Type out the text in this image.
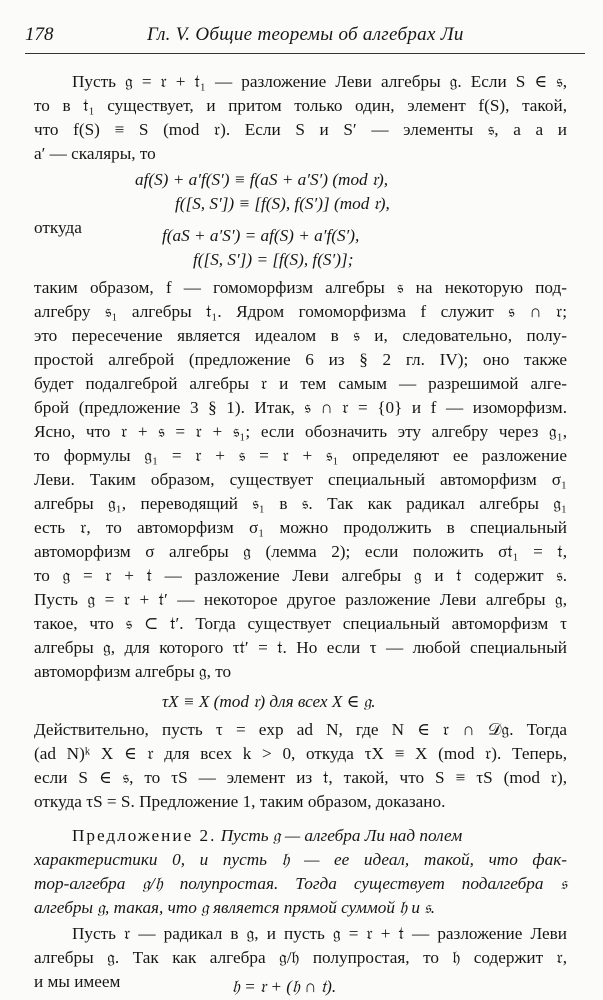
178	Гл. V. Общие теоремы об алгебрах Ли
Пусть 𝔤 = 𝔯 + 𝔱₁ — разложение Леви алгебры 𝔤. Если S ∈ 𝔰,
то в 𝔱₁ существует, и притом только один, элемент f(S), такой,
что f(S) ≡ S (mod 𝔯). Если S и S′ — элементы 𝔰, а a и
a′ — скаляры, то
af(S) + a′f(S′) ≡ f(aS + a′S′) (mod 𝔯),
f([S, S′]) ≡ [f(S), f(S′)] (mod 𝔯),
откуда	f(aS + a′S′) = af(S) + a′f(S′),
f([S, S′]) = [f(S), f(S′)];
таким образом, f — гомоморфизм алгебры 𝔰 на некоторую под-
алгебру 𝔰₁ алгебры 𝔱₁. Ядром гомоморфизма f служит 𝔰 ∩ 𝔯;
это пересечение является идеалом в 𝔰 и, следовательно, полу-
простой алгеброй (предложение 6 из § 2 гл. IV); оно также
будет подалгеброй алгебры 𝔯 и тем самым — разрешимой алге-
брой (предложение 3 § 1). Итак, 𝔰 ∩ 𝔯 = {0} и f — изоморфизм.
Ясно, что 𝔯 + 𝔰 = 𝔯 + 𝔰₁; если обозначить эту алгебру через 𝔤₁,
то формулы 𝔤₁ = 𝔯 + 𝔰 = 𝔯 + 𝔰₁ определяют ее разложение
Леви. Таким образом, существует специальный автоморфизм σ₁
алгебры 𝔤₁, переводящий 𝔰₁ в 𝔰. Так как радикал алгебры 𝔤₁
есть 𝔯, то автоморфизм σ₁ можно продолжить в специальный
автоморфизм σ алгебры 𝔤 (лемма 2); если положить σ𝔱₁ = 𝔱,
то 𝔤 = 𝔯 + 𝔱 — разложение Леви алгебры 𝔤 и 𝔱 содержит 𝔰.
Пусть 𝔤 = 𝔯 + 𝔱′ — некоторое другое разложение Леви алгебры 𝔤,
такое, что 𝔰 ⊂ 𝔱′. Тогда существует специальный автоморфизм τ
алгебры 𝔤, для которого τ𝔱′ = 𝔱. Но если τ — любой специальный
автоморфизм алгебры 𝔤, то
τX ≡ X (mod 𝔯) для всех X ∈ 𝔤.
Действительно, пусть τ = exp ad N, где N ∈ 𝔯 ∩ 𝒟𝔤. Тогда
(ad N)ᵏ X ∈ 𝔯 для всех k > 0, откуда τX ≡ X (mod 𝔯). Теперь,
если S ∈ 𝔰, то τS — элемент из 𝔱, такой, что S ≡ τS (mod 𝔯),
откуда τS = S. Предложение 1, таким образом, доказано.
Предложение 2. Пусть 𝔤 — алгебра Ли над полем
характеристики 0, и пусть 𝔥 — ее идеал, такой, что фак-
тор-алгебра 𝔤/𝔥 полупростая. Тогда существует подалгебра 𝔰
алгебры 𝔤, такая, что 𝔤 является прямой суммой 𝔥 и 𝔰.
Пусть 𝔯 — радикал в 𝔤, и пусть 𝔤 = 𝔯 + 𝔱 — разложение Леви
алгебры 𝔤. Так как алгебра 𝔤/𝔥 полупростая, то 𝔥 содержит 𝔯,
и мы имеем	𝔥 = 𝔯 + (𝔥 ∩ 𝔱).
